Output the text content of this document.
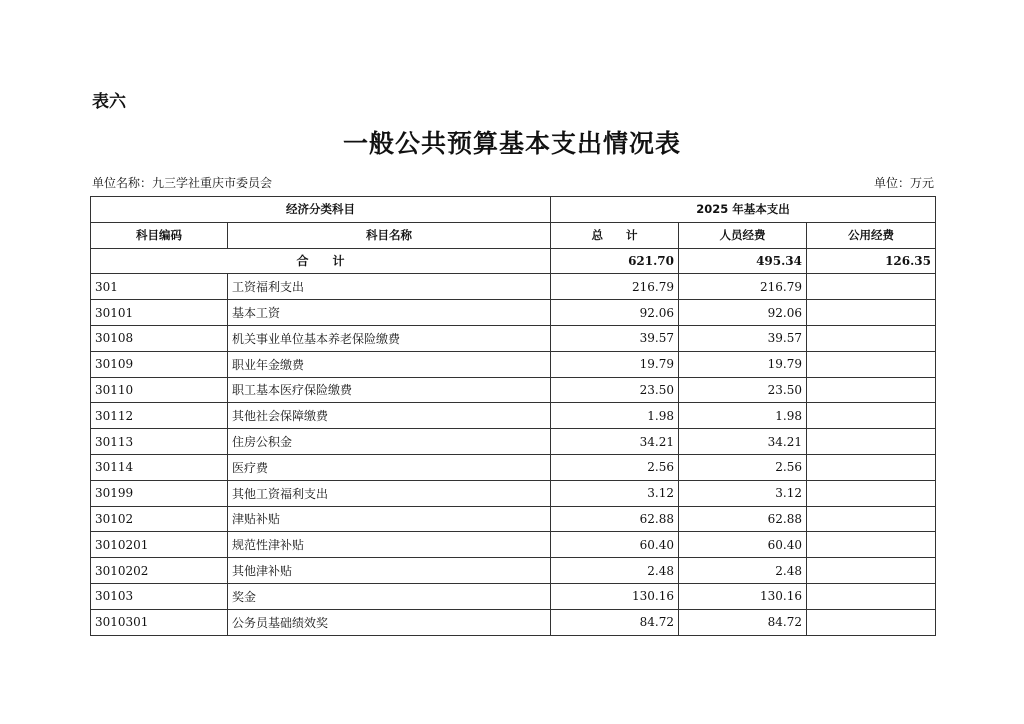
表六
一般公共预算基本支出情况表
单位名称：九三学社重庆市委员会	单位：万元
经济分类科目		2025 年基本支出		
科目编码	科目名称	总　　计	人员经费	公用经费
合　　计		621.70	495.34	126.35
301	工资福利支出	216.79	216.79	
30101	基本工资	92.06	92.06	
30108	机关事业单位基本养老保险缴费	39.57	39.57	
30109	职业年金缴费	19.79	19.79	
30110	职工基本医疗保险缴费	23.50	23.50	
30112	其他社会保障缴费	1.98	1.98	
30113	住房公积金	34.21	34.21	
30114	医疗费	2.56	2.56	
30199	其他工资福利支出	3.12	3.12	
30102	津贴补贴	62.88	62.88	
3010201	规范性津补贴	60.40	60.40	
3010202	其他津补贴	2.48	2.48	
30103	奖金	130.16	130.16	
3010301	公务员基础绩效奖	84.72	84.72	
